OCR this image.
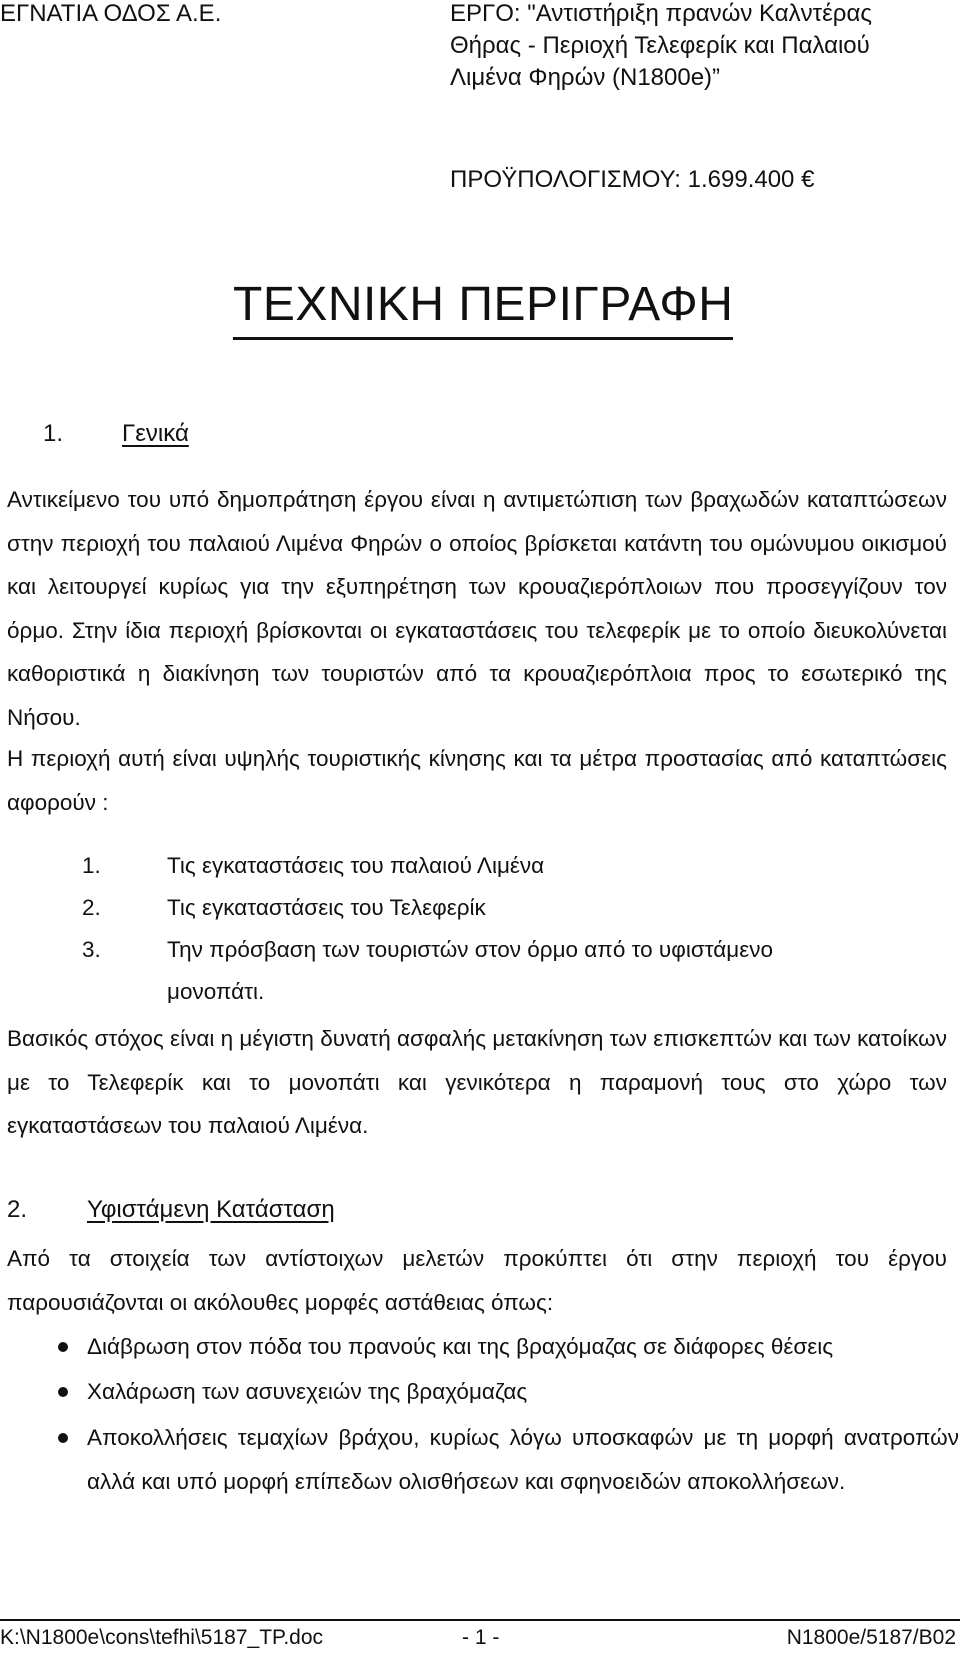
ΕΓΝΑΤΙΑ ΟΔΟΣ Α.Ε.	ΕΡΓΟ: "Αντιστήριξη πρανών Καλντέρας
Θήρας - Περιοχή Τελεφερίκ και Παλαιού
Λιμένα Φηρών (Ν1800e)”
ΠΡΟΫΠΟΛΟΓΙΣΜΟΥ: 1.699.400 €
ΤΕΧΝΙΚΗ ΠΕΡΙΓΡΑΦΗ
1. Γενικά
Αντικείμενο του υπό δημοπράτηση έργου είναι η αντιμετώπιση των βραχωδών καταπτώσεων στην περιοχή του παλαιού Λιμένα Φηρών ο οποίος βρίσκεται κατάντη του ομώνυμου οικισμού και λειτουργεί κυρίως για την εξυπηρέτηση των κρουαζιερόπλοιων που προσεγγίζουν τον όρμο. Στην ίδια περιοχή βρίσκονται οι εγκαταστάσεις του τελεφερίκ με το οποίο διευκολύνεται καθοριστικά η διακίνηση των τουριστών από τα κρουαζιερόπλοια προς το εσωτερικό της Νήσου.
Η περιοχή αυτή είναι υψηλής τουριστικής κίνησης και τα μέτρα προστασίας από καταπτώσεις αφορούν :
1.	Τις εγκαταστάσεις του παλαιού Λιμένα
2.	Τις εγκαταστάσεις του Τελεφερίκ
3.	Την πρόσβαση των τουριστών στον όρμο από το υφιστάμενο μονοπάτι.
Βασικός στόχος είναι η μέγιστη δυνατή ασφαλής μετακίνηση των επισκεπτών και των κατοίκων με το Τελεφερίκ και το μονοπάτι και γενικότερα η παραμονή τους στο χώρο των εγκαταστάσεων του παλαιού Λιμένα.
2. Υφιστάμενη Κατάσταση
Από τα στοιχεία των αντίστοιχων μελετών προκύπτει ότι στην περιοχή του έργου παρουσιάζονται οι ακόλουθες μορφές αστάθειας όπως:
Διάβρωση στον πόδα του πρανούς και της βραχόμαζας σε διάφορες θέσεις
Χαλάρωση των ασυνεχειών της βραχόμαζας
Αποκολλήσεις τεμαχίων βράχου, κυρίως λόγω υποσκαφών με τη μορφή ανατροπών αλλά και υπό μορφή επίπεδων ολισθήσεων και σφηνοειδών αποκολλήσεων.
K:\N1800e\cons\tefhi\5187_TP.doc	- 1 -	N1800e/5187/B02
